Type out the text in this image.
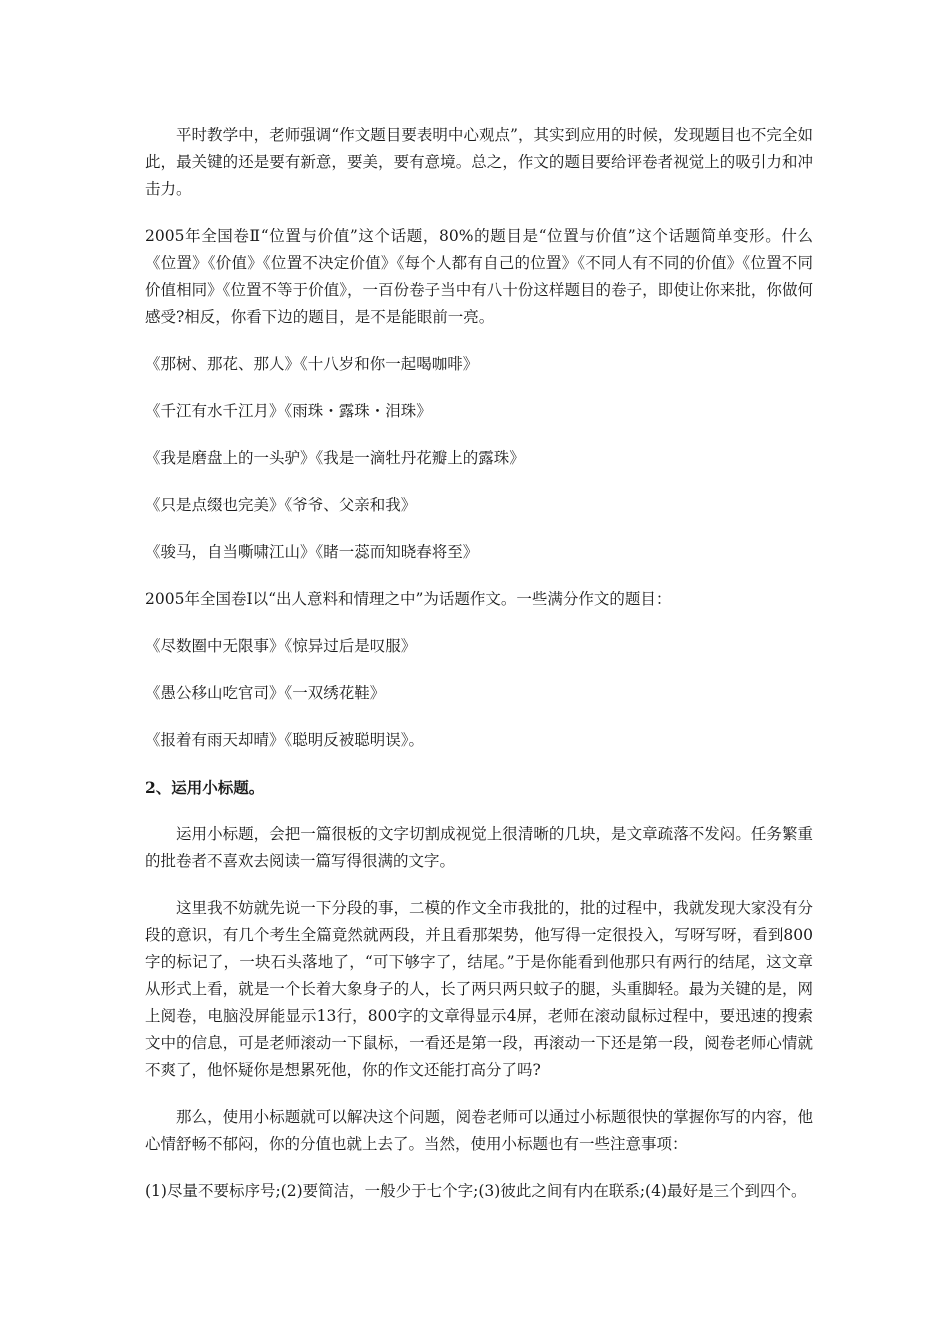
平时教学中，老师强调“作文题目要表明中心观点”，其实到应用的时候，发现题目也不完全如此，最关键的还是要有新意，要美，要有意境。总之，作文的题目要给评卷者视觉上的吸引力和冲击力。

2005年全国卷Ⅱ“位置与价值”这个话题，80%的题目是“位置与价值”这个话题简单变形。什么《位置》《价值》《位置不决定价值》《每个人都有自己的位置》《不同人有不同的价值》《位置不同价值相同》《位置不等于价值》，一百份卷子当中有八十份这样题目的卷子，即使让你来批，你做何感受?相反，你看下边的题目，是不是能眼前一亮。

《那树、那花、那人》《十八岁和你一起喝咖啡》

《千江有水千江月》《雨珠・露珠・泪珠》

《我是磨盘上的一头驴》《我是一滴牡丹花瓣上的露珠》

《只是点缀也完美》《爷爷、父亲和我》

《骏马，自当嘶啸江山》《睹一蕊而知晓春将至》

2005年全国卷Ⅰ以“出人意料和情理之中”为话题作文。一些满分作文的题目：

《尽数圈中无限事》《惊异过后是叹服》

《愚公移山吃官司》《一双绣花鞋》

《报着有雨天却晴》《聪明反被聪明误》。

2、运用小标题。

运用小标题，会把一篇很板的文字切割成视觉上很清晰的几块，是文章疏落不发闷。任务繁重的批卷者不喜欢去阅读一篇写得很满的文字。

这里我不妨就先说一下分段的事，二模的作文全市我批的，批的过程中，我就发现大家没有分段的意识，有几个考生全篇竟然就两段，并且看那架势，他写得一定很投入，写呀写呀，看到800字的标记了，一块石头落地了，“可下够字了，结尾。”于是你能看到他那只有两行的结尾，这文章从形式上看，就是一个长着大象身子的人，长了两只两只蚊子的腿，头重脚轻。最为关键的是，网上阅卷，电脑没屏能显示13行，800字的文章得显示4屏，老师在滚动鼠标过程中，要迅速的搜索文中的信息，可是老师滚动一下鼠标，一看还是第一段，再滚动一下还是第一段，阅卷老师心情就不爽了，他怀疑你是想累死他，你的作文还能打高分了吗?

那么，使用小标题就可以解决这个问题，阅卷老师可以通过小标题很快的掌握你写的内容，他心情舒畅不郁闷，你的分值也就上去了。当然，使用小标题也有一些注意事项：

(1)尽量不要标序号;(2)要简洁，一般少于七个字;(3)彼此之间有内在联系;(4)最好是三个到四个。
